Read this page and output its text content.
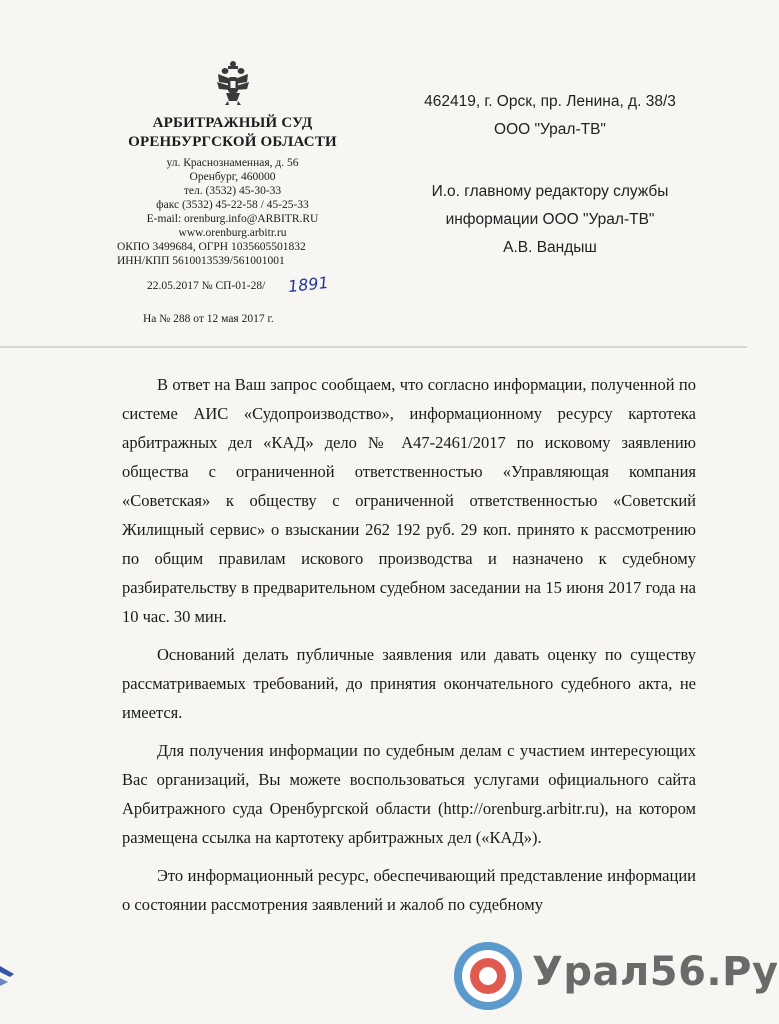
АРБИТРАЖНЫЙ СУД
ОРЕНБУРГСКОЙ ОБЛАСТИ
ул. Краснознаменная, д. 56
Оренбург, 460000
тел. (3532) 45-30-33
факс (3532) 45-22-58 / 45-25-33
E-mail: orenburg.info@ARBITR.RU
www.orenburg.arbitr.ru
ОКПО 3499684, ОГРН 1035605501832
ИНН/КПП 5610013539/561001001
22.05.2017 № СП-01-28/ 1891
На № 288 от 12 мая 2017 г.
462419, г. Орск, пр. Ленина, д. 38/3
ООО "Урал-ТВ"
И.о. главному редактору службы
информации ООО "Урал-ТВ"
А.В. Вандыш

В ответ на Ваш запрос сообщаем, что согласно информации, полученной по системе АИС «Судопроизводство», информационному ресурсу картотека арбитражных дел «КАД» дело № А47-2461/2017 по исковому заявлению общества с ограниченной ответственностью «Управляющая компания «Советская» к обществу с ограниченной ответственностью «Советский Жилищный сервис» о взыскании 262 192 руб. 29 коп. принято к рассмотрению по общим правилам искового производства и назначено к судебному разбирательству в предварительном судебном заседании на 15 июня 2017 года на 10 час. 30 мин.

Оснований делать публичные заявления или давать оценку по существу рассматриваемых требований, до принятия окончательного судебного акта, не имеется.

Для получения информации по судебным делам с участием интересующих Вас организаций, Вы можете воспользоваться услугами официального сайта Арбитражного суда Оренбургской области (http://orenburg.arbitr.ru), на котором размещена ссылка на картотеку арбитражных дел («КАД»).

Это информационный ресурс, обеспечивающий представление информации о состоянии рассмотрения заявлений и жалоб по судебному

Урал56.Ру
